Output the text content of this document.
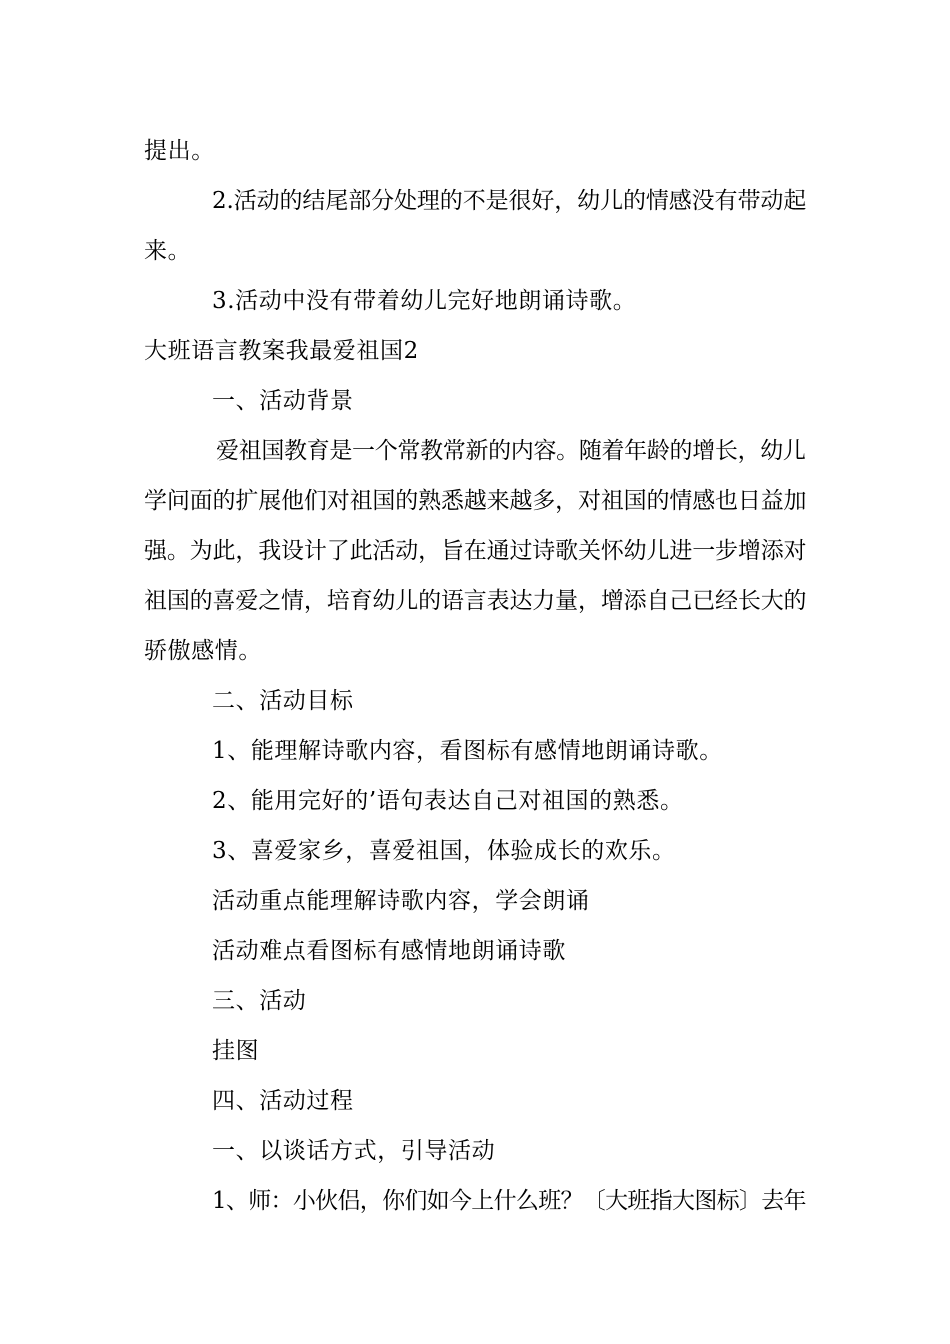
提出。
2.活动的结尾部分处理的不是很好，幼儿的情感没有带动起
来。
3.活动中没有带着幼儿完好地朗诵诗歌。
大班语言教案我最爱祖国2
一、活动背景
爱祖国教育是一个常教常新的内容。随着年龄的增长，幼儿
学问面的扩展他们对祖国的熟悉越来越多，对祖国的情感也日益加
强。为此，我设计了此活动，旨在通过诗歌关怀幼儿进一步增添对
祖国的喜爱之情，培育幼儿的语言表达力量，增添自己已经长大的
骄傲感情。
二、活动目标
1、能理解诗歌内容，看图标有感情地朗诵诗歌。
2、能用完好的’语句表达自己对祖国的熟悉。
3、喜爱家乡，喜爱祖国，体验成长的欢乐。
活动重点能理解诗歌内容，学会朗诵
活动难点看图标有感情地朗诵诗歌
三、活动
挂图
四、活动过程
一、以谈话方式，引导活动
1、师：小伙侣，你们如今上什么班？〔大班指大图标〕去年
